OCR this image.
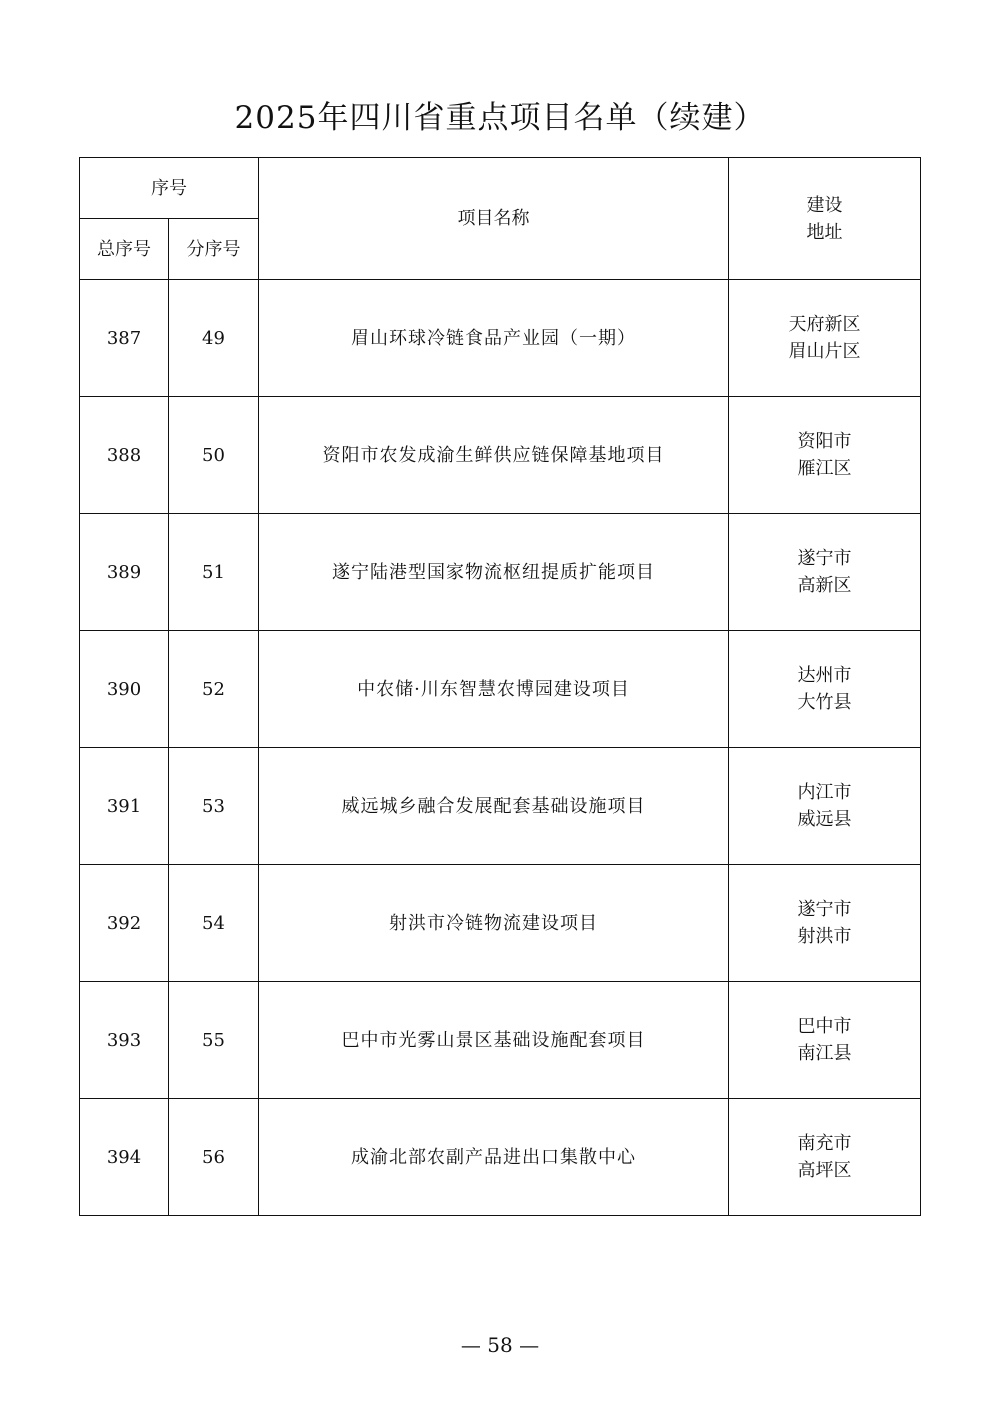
2025年四川省重点项目名单（续建）
序号		项目名称	建设
地址

总序号	分序号		
387	49	眉山环球冷链食品产业园（一期）	天府新区
眉山片区

388	50	资阳市农发成渝生鲜供应链保障基地项目	资阳市
雁江区

389	51	遂宁陆港型国家物流枢纽提质扩能项目	遂宁市
高新区

390	52	中农储·川东智慧农博园建设项目	达州市
大竹县

391	53	威远城乡融合发展配套基础设施项目	内江市
威远县

392	54	射洪市冷链物流建设项目	遂宁市
射洪市

393	55	巴中市光雾山景区基础设施配套项目	巴中市
南江县

394	56	成渝北部农副产品进出口集散中心	南充市
高坪区
— 58 —
